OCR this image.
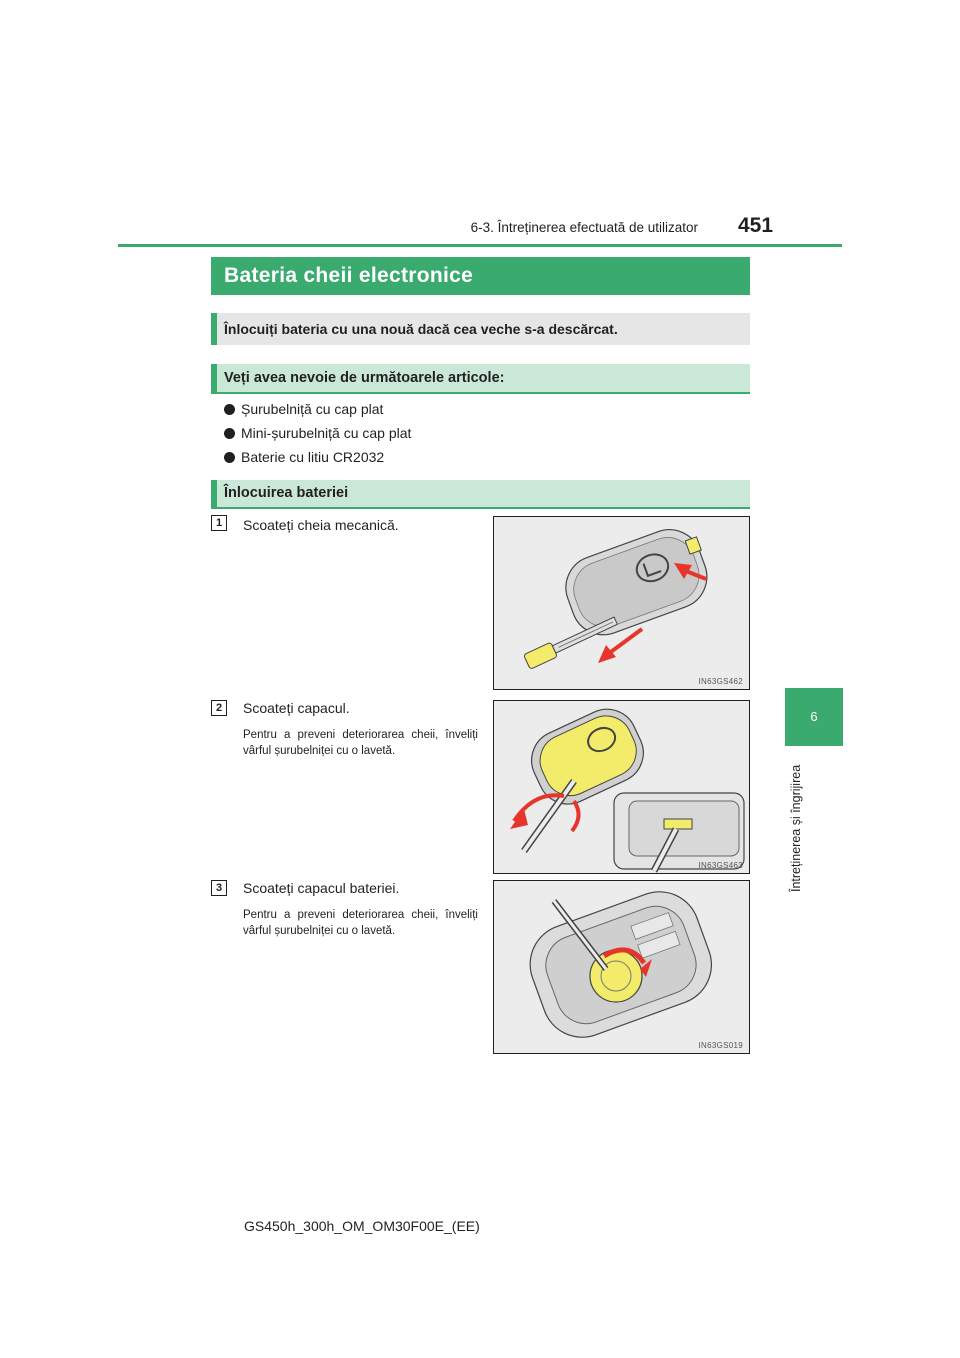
6-3. Întreținerea efectuată de utilizator 451
6
Întreținerea și îngrijirea
Bateria cheii electronice
Înlocuiți bateria cu una nouă dacă cea veche s-a descărcat.
Veți avea nevoie de următoarele articole:
Șurubelniță cu cap plat
Mini-șurubelniță cu cap plat
Baterie cu litiu CR2032
Înlocuirea bateriei
1	Scoateți cheia mecanică.
IN63GS462
2	Scoateți capacul.
Pentru a preveni deteriorarea cheii, înveliți vârful șurubelniței cu o lavetă.
IN63GS463
3	Scoateți capacul bateriei.
Pentru a preveni deteriorarea cheii, înveliți vârful șurubelniței cu o lavetă.
IN63GS019
GS450h_300h_OM_OM30F00E_(EE)
